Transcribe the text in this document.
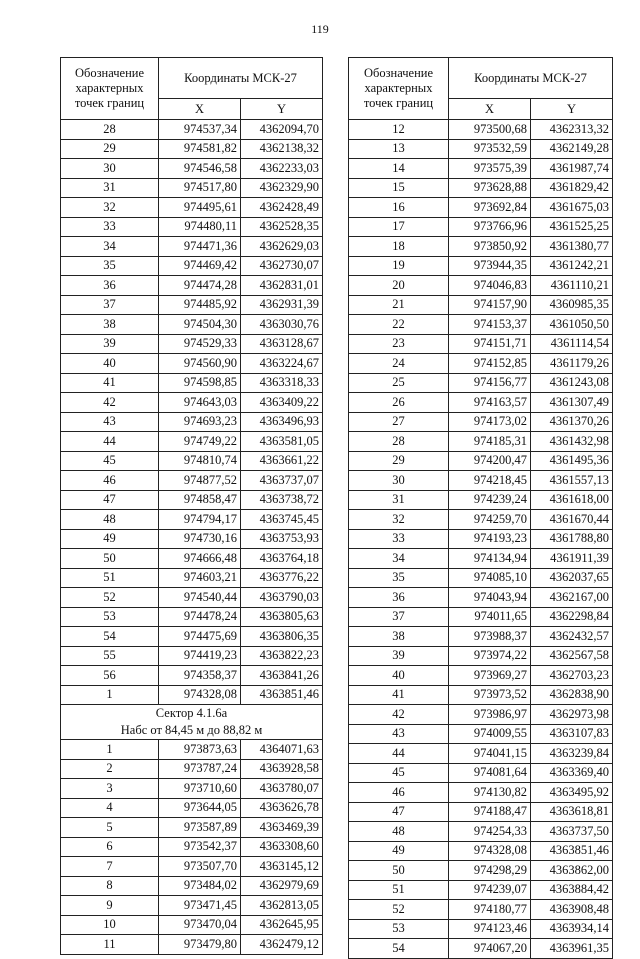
119
Обозначение характерных точек границ	Координаты МСК-27	
	X	Y
28	974537,34	4362094,70
29	974581,82	4362138,32
30	974546,58	4362233,03
31	974517,80	4362329,90
32	974495,61	4362428,49
33	974480,11	4362528,35
34	974471,36	4362629,03
35	974469,42	4362730,07
36	974474,28	4362831,01
37	974485,92	4362931,39
38	974504,30	4363030,76
39	974529,33	4363128,67
40	974560,90	4363224,67
41	974598,85	4363318,33
42	974643,03	4363409,22
43	974693,23	4363496,93
44	974749,22	4363581,05
45	974810,74	4363661,22
46	974877,52	4363737,07
47	974858,47	4363738,72
48	974794,17	4363745,45
49	974730,16	4363753,93
50	974666,48	4363764,18
51	974603,21	4363776,22
52	974540,44	4363790,03
53	974478,24	4363805,63
54	974475,69	4363806,35
55	974419,23	4363822,23
56	974358,37	4363841,26
1	974328,08	4363851,46

Сектор 4.1.6а
Набс от 84,45 м до 88,82 м		

1	973873,63	4364071,63
2	973787,24	4363928,58
3	973710,60	4363780,07
4	973644,05	4363626,78
5	973587,89	4363469,39
6	973542,37	4363308,60
7	973507,70	4363145,12
8	973484,02	4362979,69
9	973471,45	4362813,05
10	973470,04	4362645,95
11	973479,80	4362479,12
Обозначение характерных точек границ	Координаты МСК-27	
	X	Y
12	973500,68	4362313,32
13	973532,59	4362149,28
14	973575,39	4361987,74
15	973628,88	4361829,42
16	973692,84	4361675,03
17	973766,96	4361525,25
18	973850,92	4361380,77
19	973944,35	4361242,21
20	974046,83	4361110,21
21	974157,90	4360985,35
22	974153,37	4361050,50
23	974151,71	4361114,54
24	974152,85	4361179,26
25	974156,77	4361243,08
26	974163,57	4361307,49
27	974173,02	4361370,26
28	974185,31	4361432,98
29	974200,47	4361495,36
30	974218,45	4361557,13
31	974239,24	4361618,00
32	974259,70	4361670,44
33	974193,23	4361788,80
34	974134,94	4361911,39
35	974085,10	4362037,65
36	974043,94	4362167,00
37	974011,65	4362298,84
38	973988,37	4362432,57
39	973974,22	4362567,58
40	973969,27	4362703,23
41	973973,52	4362838,90
42	973986,97	4362973,98
43	974009,55	4363107,83
44	974041,15	4363239,84
45	974081,64	4363369,40
46	974130,82	4363495,92
47	974188,47	4363618,81
48	974254,33	4363737,50
49	974328,08	4363851,46
50	974298,29	4363862,00
51	974239,07	4363884,42
52	974180,77	4363908,48
53	974123,46	4363934,14
54	974067,20	4363961,35
